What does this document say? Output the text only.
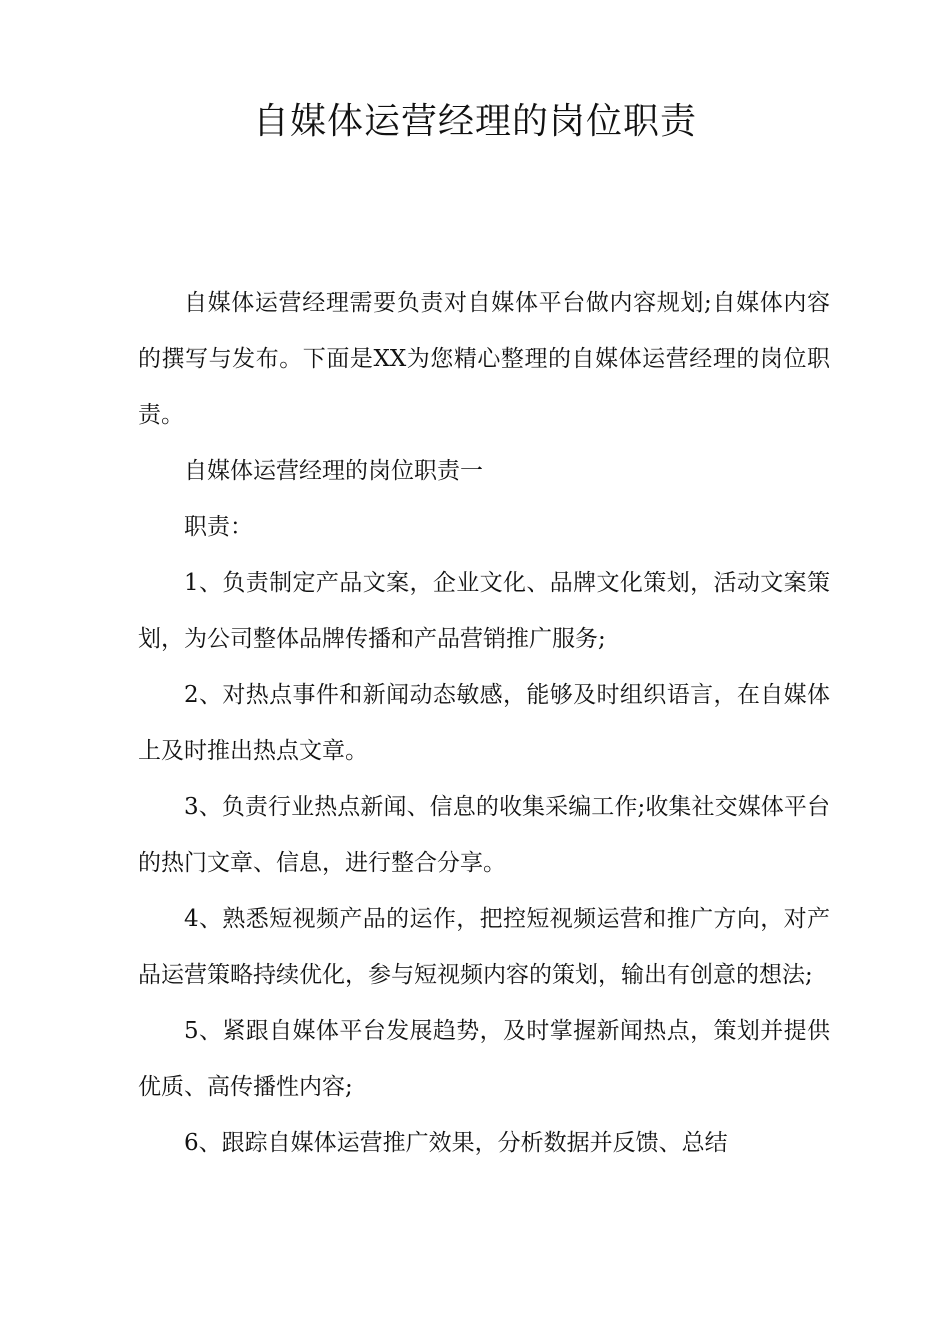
自媒体运营经理的岗位职责

自媒体运营经理需要负责对自媒体平台做内容规划;自媒体内容的撰写与发布。下面是XX为您精心整理的自媒体运营经理的岗位职责。

自媒体运营经理的岗位职责一

职责：

1、负责制定产品文案，企业文化、品牌文化策划，活动文案策划，为公司整体品牌传播和产品营销推广服务;

2、对热点事件和新闻动态敏感，能够及时组织语言，在自媒体上及时推出热点文章。

3、负责行业热点新闻、信息的收集采编工作;收集社交媒体平台的热门文章、信息，进行整合分享。

4、熟悉短视频产品的运作，把控短视频运营和推广方向，对产品运营策略持续优化，参与短视频内容的策划，输出有创意的想法;

5、紧跟自媒体平台发展趋势，及时掌握新闻热点，策划并提供优质、高传播性内容;

6、跟踪自媒体运营推广效果，分析数据并反馈、总结
